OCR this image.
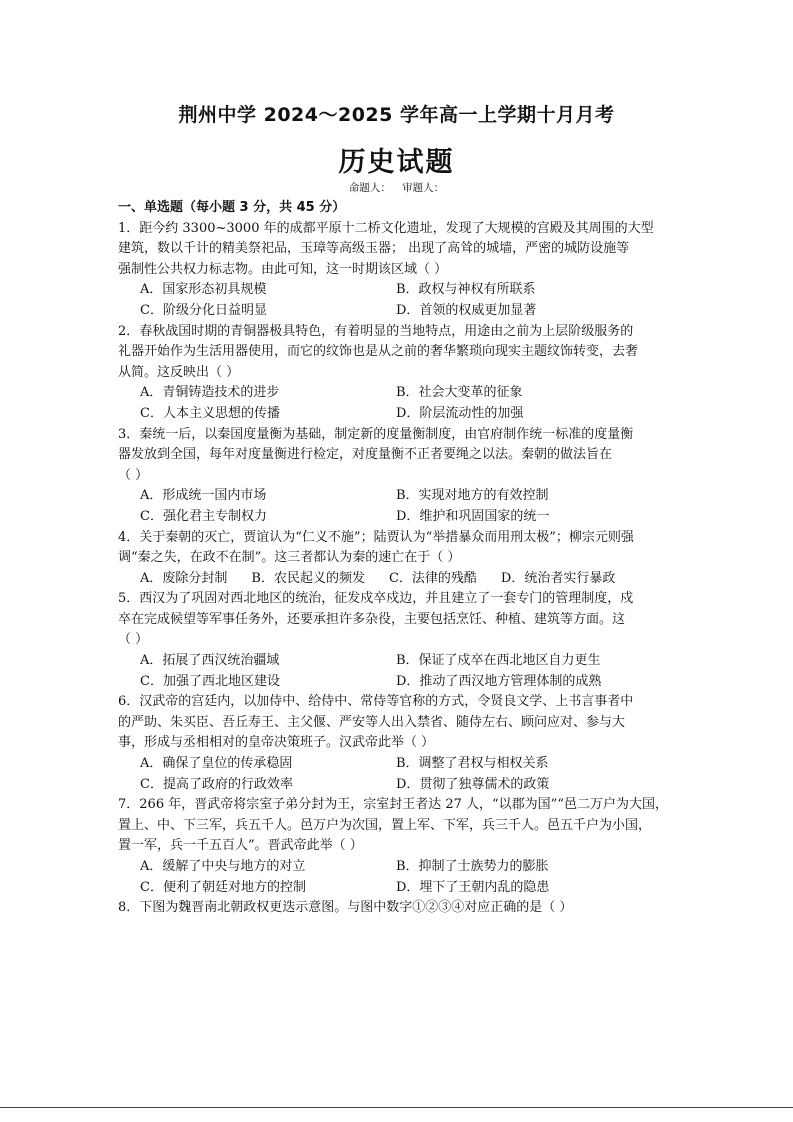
荆州中学 2024～2025 学年高一上学期十月月考
历史试题
命题人： 审题人：
一、单选题（每小题 3 分，共 45 分）
1．距今约 3300~3000 年的成都平原十二桥文化遗址，发现了大规模的宫殿及其周围的大型
建筑，数以千计的精美祭祀品，玉璋等高级玉器； 出现了高耸的城墙，严密的城防设施等
强制性公共权力标志物。由此可知，这一时期该区域（ ）
A．国家形态初具规模	B．政权与神权有所联系
C．阶级分化日益明显	D．首领的权威更加显著
2．春秋战国时期的青铜器极具特色，有着明显的当地特点，用途由之前为上层阶级服务的
礼器开始作为生活用器使用，而它的纹饰也是从之前的奢华繁琐向现实主题纹饰转变，去奢
从简。这反映出（ ）
A．青铜铸造技术的进步	B．社会大变革的征象
C．人本主义思想的传播	D．阶层流动性的加强
3．秦统一后，以秦国度量衡为基础，制定新的度量衡制度，由官府制作统一标准的度量衡
器发放到全国，每年对度量衡进行检定，对度量衡不正者要绳之以法。秦朝的做法旨在
（ ）
A．形成统一国内市场	B．实现对地方的有效控制
C．强化君主专制权力	D．维护和巩固国家的统一
4．关于秦朝的灭亡，贾谊认为“仁义不施”；陆贾认为“举措暴众而用刑太极”；柳宗元则强
调“秦之失，在政不在制”。这三者都认为秦的速亡在于（ ）
A．废除分封制 B．农民起义的频发 C．法律的残酷 D．统治者实行暴政
5．西汉为了巩固对西北地区的统治，征发戍卒戍边，并且建立了一套专门的管理制度，戍
卒在完成候望等军事任务外，还要承担许多杂役，主要包括烹饪、种植、建筑等方面。这
（ ）
A．拓展了西汉统治疆域	B．保证了戍卒在西北地区自力更生
C．加强了西北地区建设	D．推动了西汉地方管理体制的成熟
6．汉武帝的宫廷内，以加侍中、给侍中、常侍等官称的方式，令贤良文学、上书言事者中
的严助、朱买臣、吾丘寿王、主父偃、严安等人出入禁省、随侍左右、顾问应对、参与大
事，形成与丞相相对的皇帝决策班子。汉武帝此举（ ）
A．确保了皇位的传承稳固	B．调整了君权与相权关系
C．提高了政府的行政效率	D．贯彻了独尊儒术的政策
7．266 年，晋武帝将宗室子弟分封为王，宗室封王者达 27 人，“以郡为国”“邑二万户为大国，
置上、中、下三军，兵五千人。邑万户为次国，置上军、下军，兵三千人。邑五千户为小国，
置一军，兵一千五百人”。晋武帝此举（ ）
A．缓解了中央与地方的对立	B．抑制了士族势力的膨胀
C．便利了朝廷对地方的控制	D．埋下了王朝内乱的隐患
8．下图为魏晋南北朝政权更迭示意图。与图中数字①②③④对应正确的是（ ）
